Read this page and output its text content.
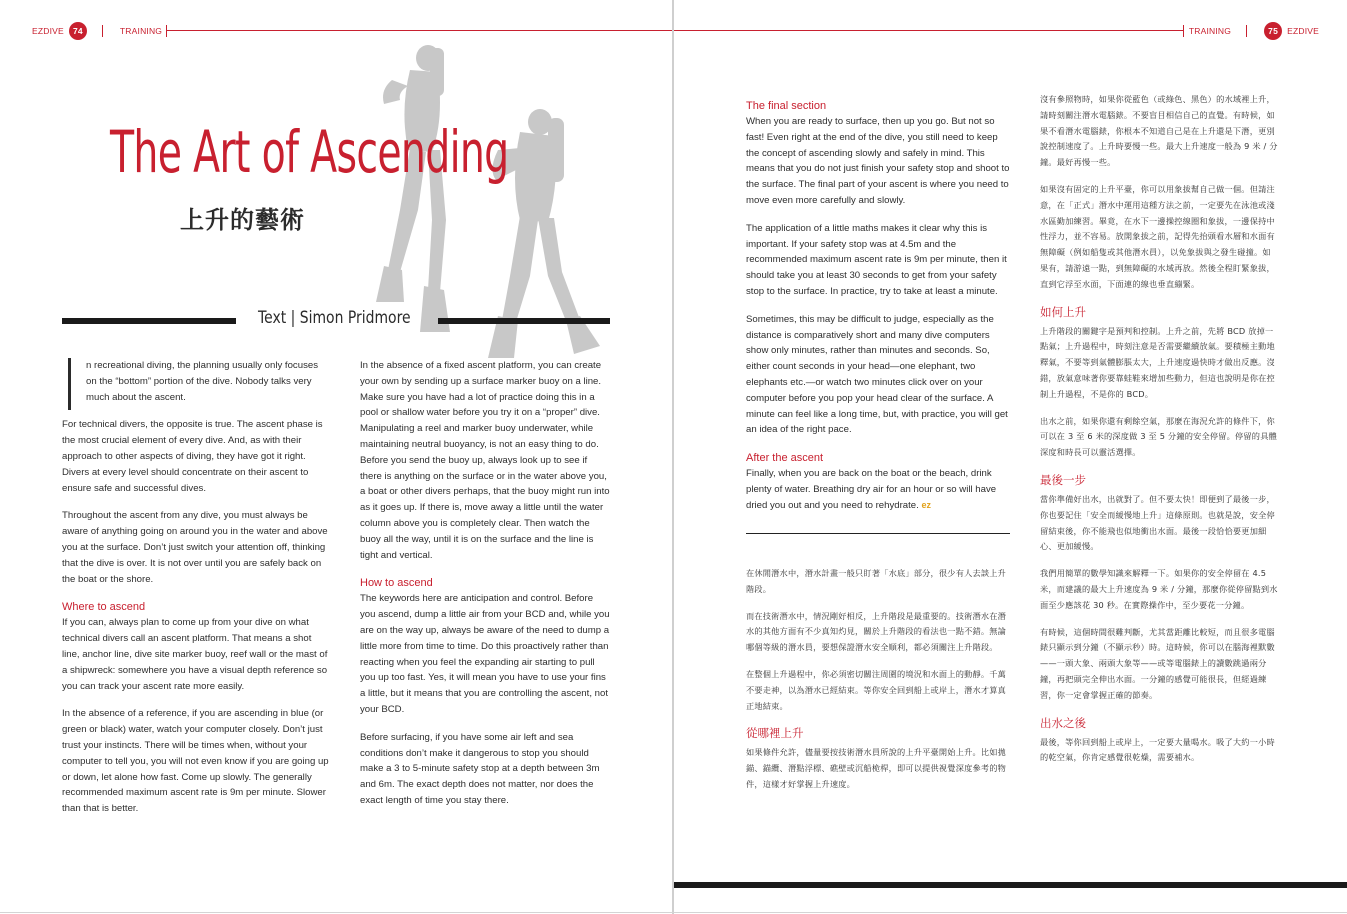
EZDIVE	74	TRAINING
The Art of Ascending
上升的藝術
Text | Simon Pridmore
n recreational diving, the planning usually only focuses on the “bottom” portion of the dive. Nobody talks very much about the ascent.

For technical divers, the opposite is true. The ascent phase is the most crucial element of every dive. And, as with their approach to other aspects of diving, they have got it right. Divers at every level should concentrate on their ascent to ensure safe and successful dives.

Throughout the ascent from any dive, you must always be aware of anything going on around you in the water and above you at the surface. Don’t just switch your attention off, thinking that the dive is over. It is not over until you are safely back on the boat or the shore.

Where to ascend

If you can, always plan to come up from your dive on what technical divers call an ascent platform. That means a shot line, anchor line, dive site marker buoy, reef wall or the mast of a shipwreck: somewhere you have a visual depth reference so you can track your ascent rate more easily.

In the absence of a reference, if you are ascending in blue (or green or black) water, watch your computer closely. Don’t just trust your instincts. There will be times when, without your computer to tell you, you will not even know if you are going up or down, let alone how fast. Come up slowly. The generally recommended maximum ascent rate is 9m per minute. Slower than that is better.

In the absence of a fixed ascent platform, you can create your own by sending up a surface marker buoy on a line. Make sure you have had a lot of practice doing this in a pool or shallow water before you try it on a “proper” dive. Manipulating a reel and marker buoy underwater, while maintaining neutral buoyancy, is not an easy thing to do. Before you send the buoy up, always look up to see if there is anything on the surface or in the water above you, a boat or other divers perhaps, that the buoy might run into as it goes up. If there is, move away a little until the water column above you is completely clear. Then watch the buoy all the way, until it is on the surface and the line is tight and vertical.

How to ascend

The keywords here are anticipation and control. Before you ascend, dump a little air from your BCD and, while you are on the way up, always be aware of the need to dump a little more from time to time. Do this proactively rather than reacting when you feel the expanding air starting to pull you up too fast. Yes, it will mean you have to use your fins a little, but it means that you are controlling the ascent, not your BCD.

Before surfacing, if you have some air left and sea conditions don’t make it dangerous to stop you should make a 3 to 5-minute safety stop at a depth between 3m and 6m. The exact depth does not matter, nor does the exact length of time you stay there.

TRAINING	75	EZDIVE
The final section

When you are ready to surface, then up you go. But not so fast! Even right at the end of the dive, you still need to keep the concept of ascending slowly and safely in mind. This means that you do not just finish your safety stop and shoot to the surface. The final part of your ascent is where you need to move even more carefully and slowly.

The application of a little maths makes it clear why this is important. If your safety stop was at 4.5m and the recommended maximum ascent rate is 9m per minute, then it should take you at least 30 seconds to get from your safety stop to the surface. In practice, try to take at least a minute.

Sometimes, this may be difficult to judge, especially as the distance is comparatively short and many dive computers show only minutes, rather than minutes and seconds. So, either count seconds in your head—one elephant, two elephants etc.—or watch two minutes click over on your computer before you pop your head clear of the surface. A minute can feel like a long time, but, with practice, you will get an idea of the right pace.

After the ascent

Finally, when you are back on the boat or the beach, drink plenty of water. Breathing dry air for an hour or so will have dried you out and you need to rehydrate. ez

在休閒潛水中，潛水計畫一般只盯著「水底」部分，很少有人去談上升階段。

而在技術潛水中，情況剛好相反，上升階段是最重要的。技術潛水在潛水的其他方面有不少真知灼見，關於上升階段的看法也一點不錯。無論哪個等級的潛水員，要想保證潛水安全順利，都必須關注上升階段。

在整個上升過程中，你必須密切關注周圍的境況和水面上的動靜。千萬不要走神，以為潛水已經結束。等你安全回到船上或岸上，潛水才算真正地結束。

從哪裡上升

如果條件允許，儘量要按技術潛水員所說的上升平臺開始上升。比如拋錨、錨纜、潛點浮標、礁壁或沉船桅桿，即可以提供視覺深度參考的物件，這樣才好掌握上升速度。

沒有參照物時，如果你從藍色（或綠色、黑色）的水域裡上升，請時刻關注潛水電腦錶。不要盲目相信自己的直覺。有時候，如果不看潛水電腦錶，你根本不知道自己是在上升還是下潛，更別說控制速度了。上升時要慢一些。最大上升速度一般為 9 米 / 分鐘。最好再慢一些。

如果沒有固定的上升平臺，你可以用象拔幫自己做一個。但請注意，在「正式」潛水中運用這種方法之前，一定要先在泳池或淺水區勤加練習。畢竟，在水下一邊操控線圈和象拔，一邊保持中性浮力，並不容易。放開象拔之前，記得先抬頭看水層和水面有無障礙（例如船隻或其他潛水員），以免象拔與之發生碰撞。如果有，請游遠一點，到無障礙的水域再放。然後全程盯緊象拔，直到它浮至水面，下面連的線也垂直繃緊。

如何上升

上升階段的關鍵字是預判和控制。上升之前，先將 BCD 放掉一點氣；上升過程中，時刻注意是否需要繼續放氣。要積極主動地釋氣，不要等到氣體膨脹太大，上升速度過快時才做出反應。沒錯，放氣意味著你要靠蛙鞋來增加些動力，但這也說明是你在控制上升過程，不是你的 BCD。

出水之前，如果你還有剩餘空氣，那麼在海況允許的條件下，你可以在 3 至 6 米的深度做 3 至 5 分鐘的安全停留。停留的具體深度和時長可以靈活選擇。

最後一步

當你準備好出水，出就對了。但不要太快！即便到了最後一步，你也要記住「安全而緩慢地上升」這條原則。也就是說，安全停留結束後，你不能飛也似地衝出水面。最後一段恰恰要更加細心、更加緩慢。

我們用簡單的數學知識來解釋一下。如果你的安全停留在 4.5 米，而建議的最大上升速度為 9 米 / 分鐘，那麼你從停留點到水面至少應該花 30 秒。在實際操作中，至少要花一分鐘。

有時候，這個時間很難判斷，尤其當距離比較短，而且很多電腦錶只顯示到分鐘（不顯示秒）時。這時候，你可以在腦海裡默數——一頭大象、兩頭大象等——或等電腦錶上的讀數跳過兩分鐘，再把頭完全伸出水面。一分鐘的感覺可能很長，但經過練習，你一定會掌握正確的節奏。

出水之後

最後，等你回到船上或岸上，一定要大量喝水。吸了大約一小時的乾空氣，你肯定感覺很乾燥，需要補水。
